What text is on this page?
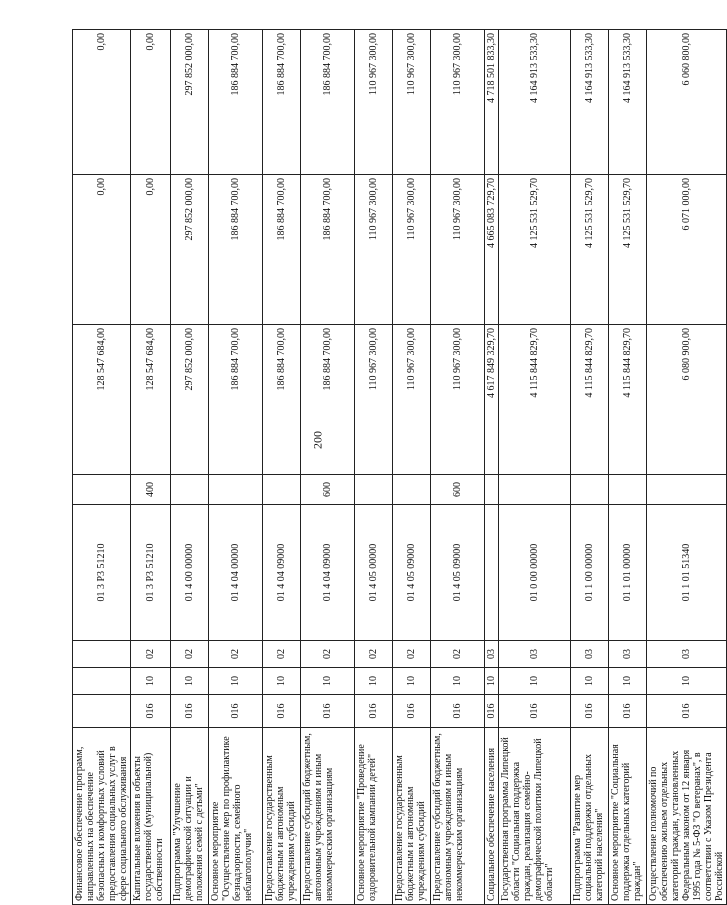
200
Финансовое обеспечение программ, направленных на обеспечение безопасных и комфортных условий предоставления социальных услуг в сфере социального обслуживания				01 3 Р3 51210		128 547 684,00	0,00	0,00
Капитальные вложения в объекты государственной (муниципальной) собственности	016	10	02	01 3 Р3 51210	400	128 547 684,00	0,00	0,00
Подпрограмма "Улучшение демографической ситуации и положения семей с детьми"	016	10	02	01 4 00 00000		297 852 000,00	297 852 000,00	297 852 000,00
Основное мероприятие "Осуществление мер по профилактике безнадзорности, семейного неблагополучия"	016	10	02	01 4 04 00000		186 884 700,00	186 884 700,00	186 884 700,00
Предоставление государственным бюджетным и автономным учреждениям субсидий	016	10	02	01 4 04 09000		186 884 700,00	186 884 700,00	186 884 700,00
Предоставление субсидий бюджетным, автономным учреждениям и иным некоммерческим организациям	016	10	02	01 4 04 09000	600	186 884 700,00	186 884 700,00	186 884 700,00
Основное мероприятие "Проведение оздоровительной кампании детей"	016	10	02	01 4 05 00000		110 967 300,00	110 967 300,00	110 967 300,00
Предоставление государственным бюджетным и автономным учреждениям субсидий	016	10	02	01 4 05 09000		110 967 300,00	110 967 300,00	110 967 300,00
Предоставление субсидий бюджетным, автономным учреждениям и иным некоммерческим организациям	016	10	02	01 4 05 09000	600	110 967 300,00	110 967 300,00	110 967 300,00
Социальное обеспечение населения	016	10	03			4 617 849 329,70	4 665 083 729,70	4 718 501 833,30
Государственная программа Липецкой области "Социальная поддержка граждан, реализация семейно-демографической политики Липецкой области"	016	10	03	01 0 00 00000		4 115 844 829,70	4 125 531 529,70	4 164 913 533,30
Подпрограмма "Развитие мер социальной поддержки отдельных категорий населения"	016	10	03	01 1 00 00000		4 115 844 829,70	4 125 531 529,70	4 164 913 533,30
Основное мероприятие "Социальная поддержка отдельных категорий граждан"	016	10	03	01 1 01 00000		4 115 844 829,70	4 125 531 529,70	4 164 913 533,30
Осуществление полномочий по обеспечению жильем отдельных категорий граждан, установленных Федеральным законом от 12 января 1995 года № 5-ФЗ "О ветеранах", в соответствии с Указом Президента Российской	016	10	03	01 1 01 51340		6 080 900,00	6 071 000,00	6 060 800,00
